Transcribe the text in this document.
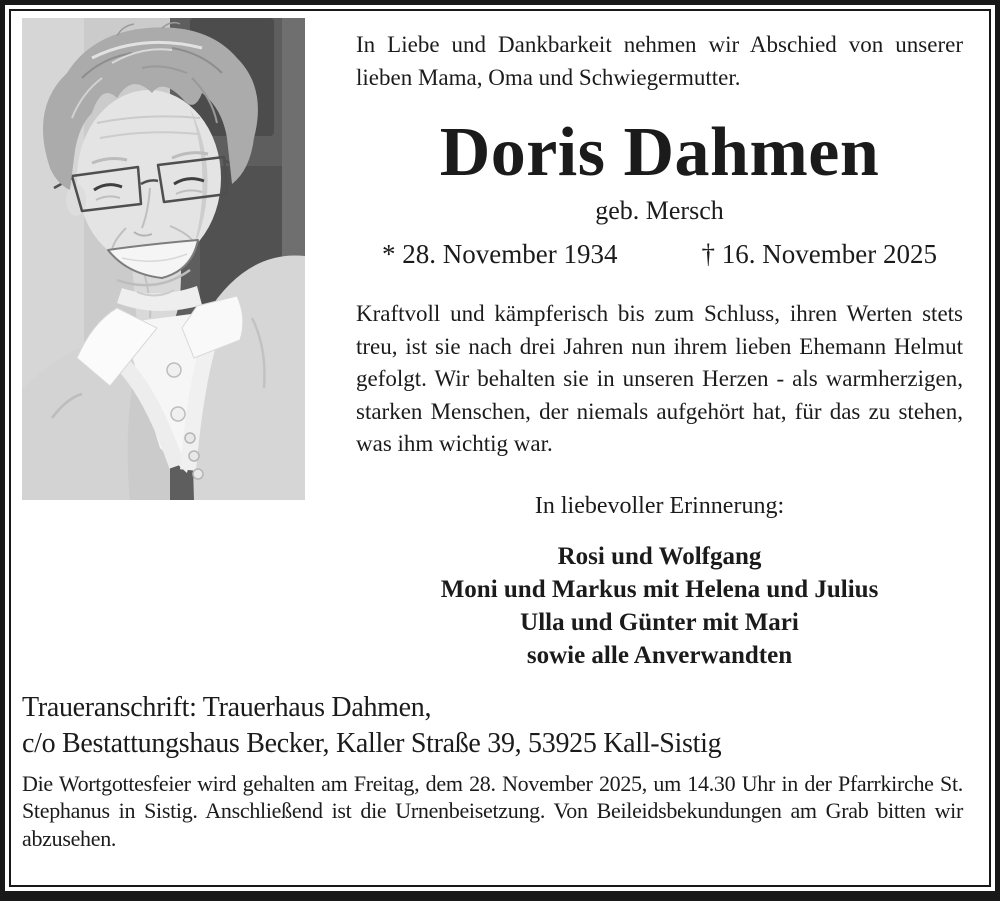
In Liebe und Dankbarkeit nehmen wir Abschied von unserer lieben Mama, Oma und Schwiegermutter.
Doris Dahmen
geb. Mersch
* 28. November 1934	† 16. November 2025
Kraftvoll und kämpferisch bis zum Schluss, ihren Werten stets treu, ist sie nach drei Jahren nun ihrem lieben Ehemann Helmut gefolgt. Wir behalten sie in unseren Herzen - als warmherzigen, starken Menschen, der niemals aufgehört hat, für das zu stehen, was ihm wichtig war.
In liebevoller Erinnerung:
Rosi und Wolfgang
Moni und Markus mit Helena und Julius
Ulla und Günter mit Mari
sowie alle Anverwandten
Traueranschrift: Trauerhaus Dahmen,
c/o Bestattungshaus Becker, Kaller Straße 39, 53925 Kall-Sistig
Die Wortgottesfeier wird gehalten am Freitag, dem 28. November 2025, um 14.30 Uhr in der Pfarrkirche St. Stephanus in Sistig. Anschließend ist die Urnenbeisetzung. Von Beileidsbekundungen am Grab bitten wir abzusehen.
